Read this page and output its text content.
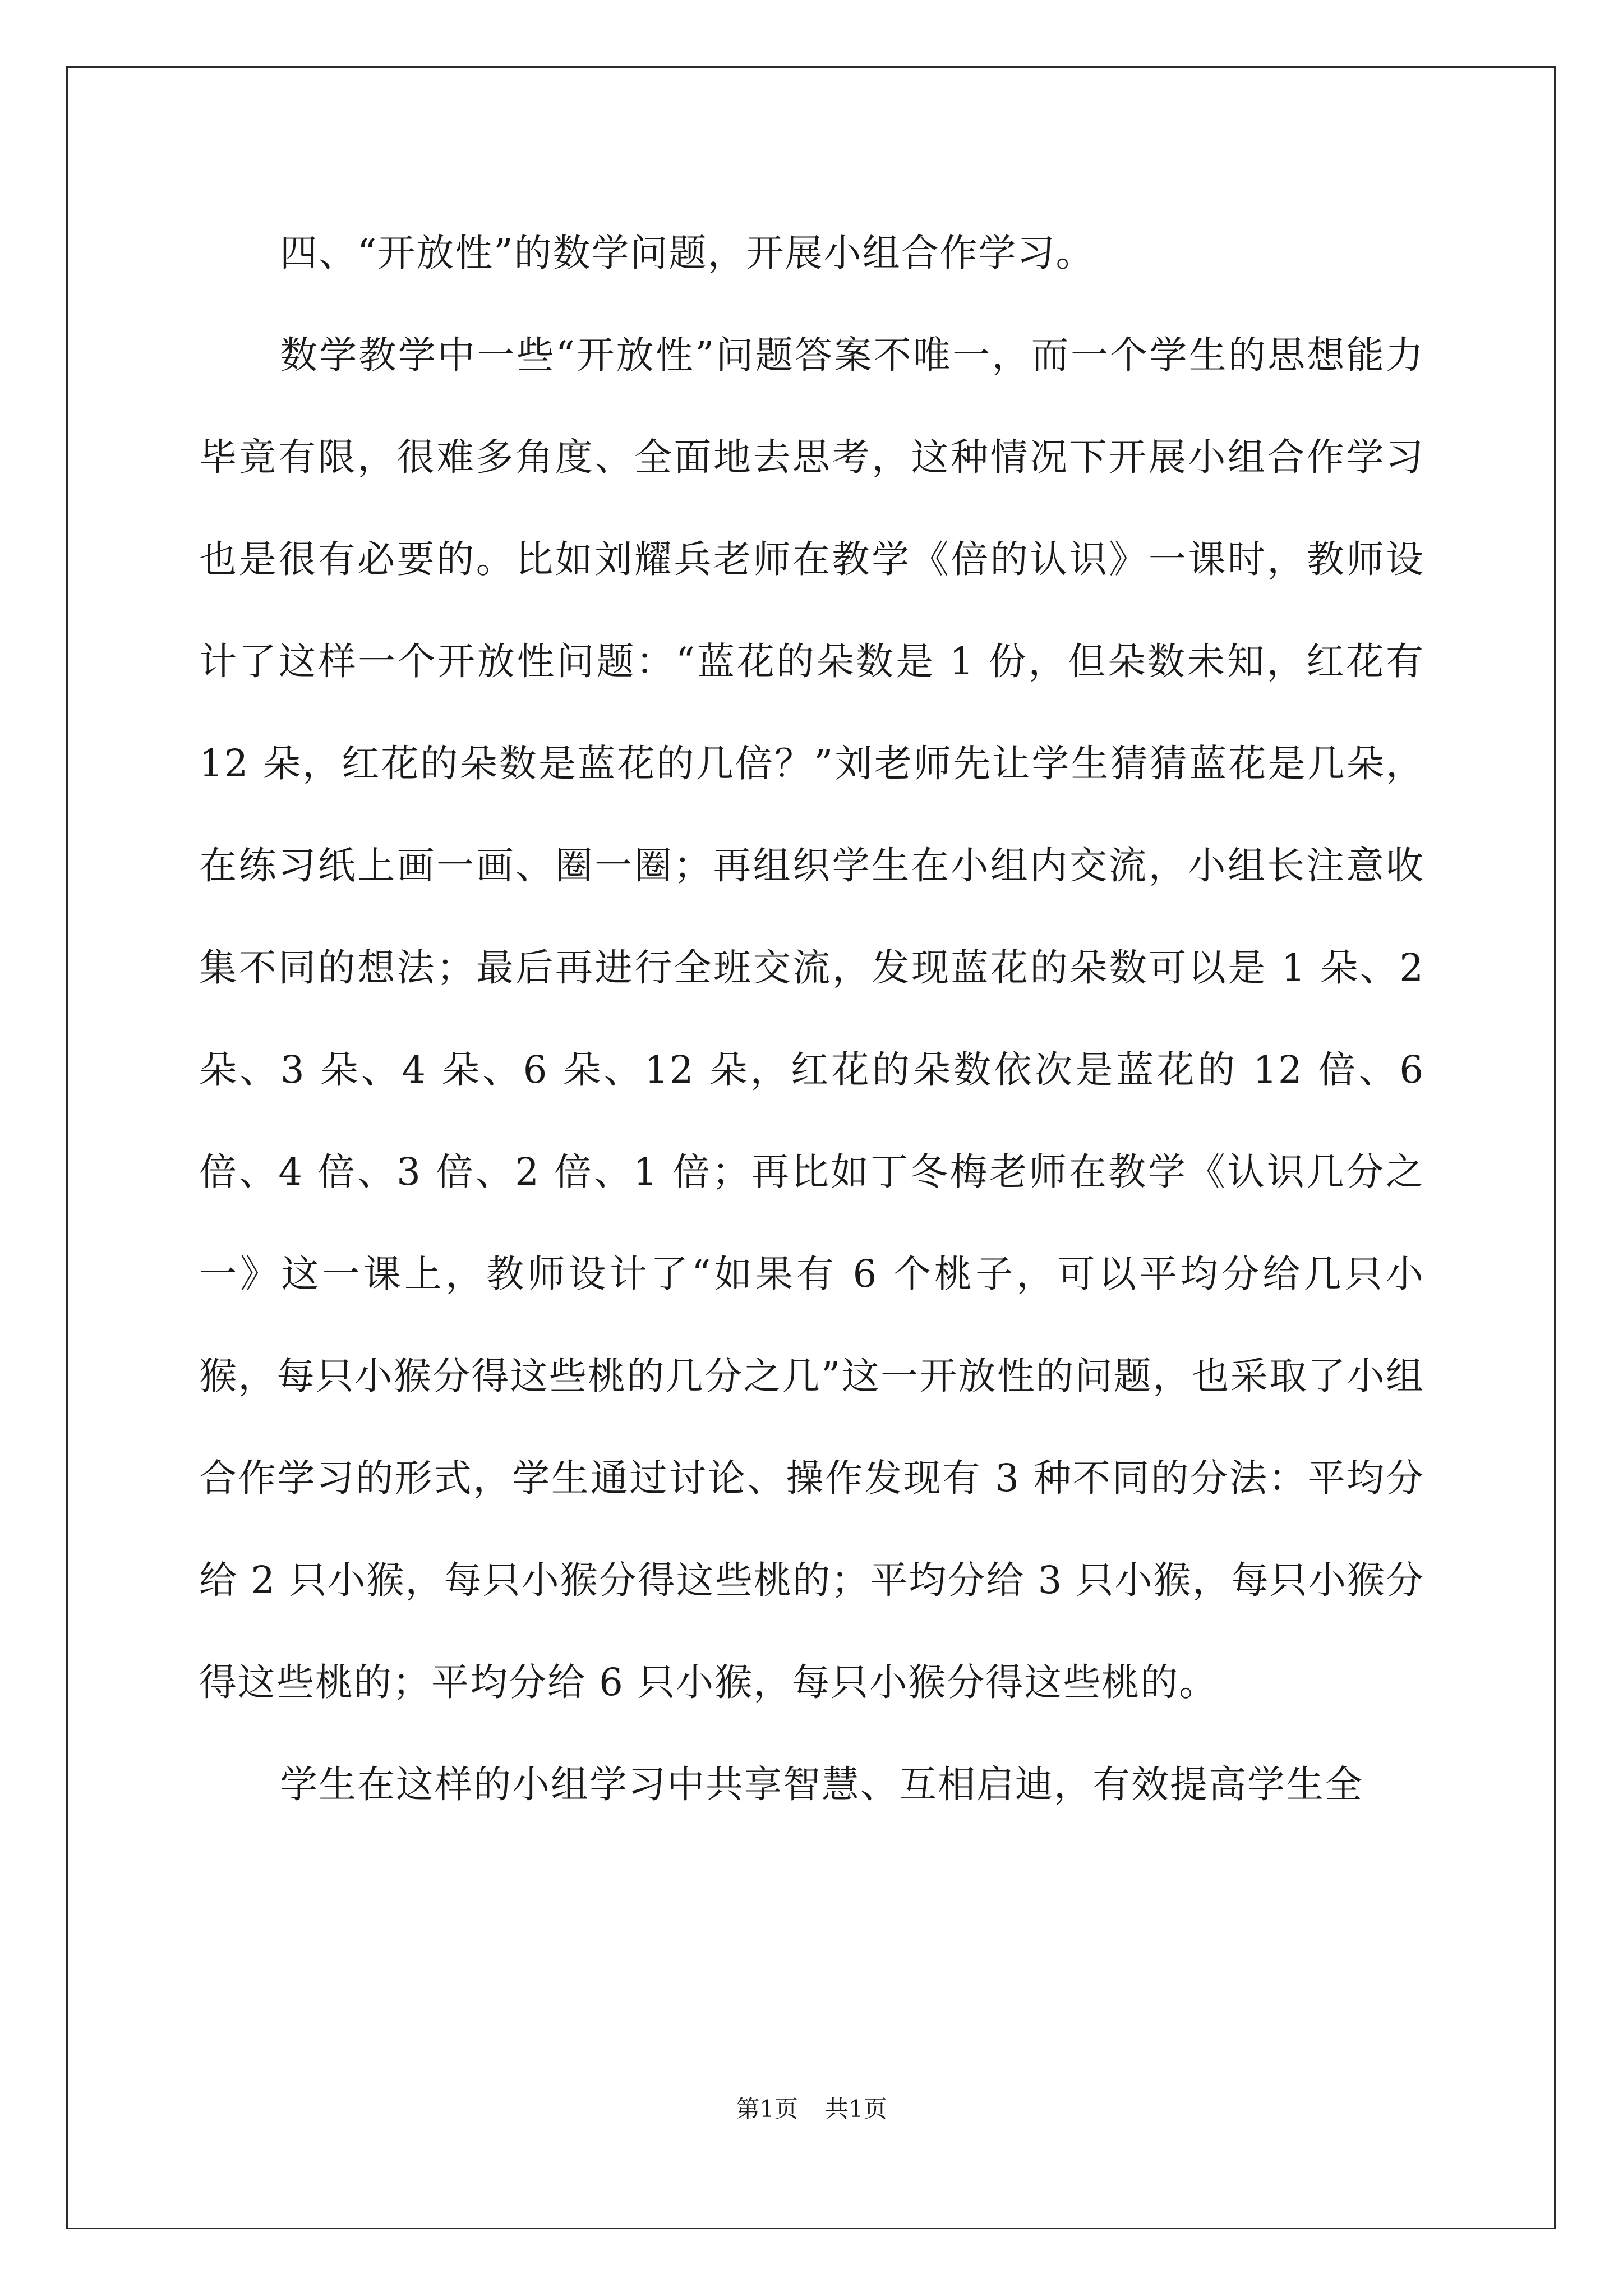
四、“开放性”的数学问题，开展小组合作学习。

数学教学中一些“开放性”问题答案不唯一，而一个学生的思想能力毕竟有限，很难多角度、全面地去思考，这种情况下开展小组合作学习也是很有必要的。比如刘耀兵老师在教学《倍的认识》一课时，教师设计了这样一个开放性问题：“蓝花的朵数是 1 份，但朵数未知，红花有 12 朵，红花的朵数是蓝花的几倍？”刘老师先让学生猜猜蓝花是几朵，在练习纸上画一画、圈一圈；再组织学生在小组内交流，小组长注意收集不同的想法；最后再进行全班交流，发现蓝花的朵数可以是 1 朵、2 朵、3 朵、4 朵、6 朵、12 朵，红花的朵数依次是蓝花的 12 倍、6 倍、4 倍、3 倍、2 倍、1 倍；再比如丁冬梅老师在教学《认识几分之一》这一课上，教师设计了“如果有 6 个桃子，可以平均分给几只小猴，每只小猴分得这些桃的几分之几”这一开放性的问题，也采取了小组合作学习的形式，学生通过讨论、操作发现有 3 种不同的分法：平均分给 2 只小猴，每只小猴分得这些桃的；平均分给 3 只小猴，每只小猴分得这些桃的；平均分给 6 只小猴，每只小猴分得这些桃的。

学生在这样的小组学习中共享智慧、互相启迪，有效提高学生全

第1页 共1页
